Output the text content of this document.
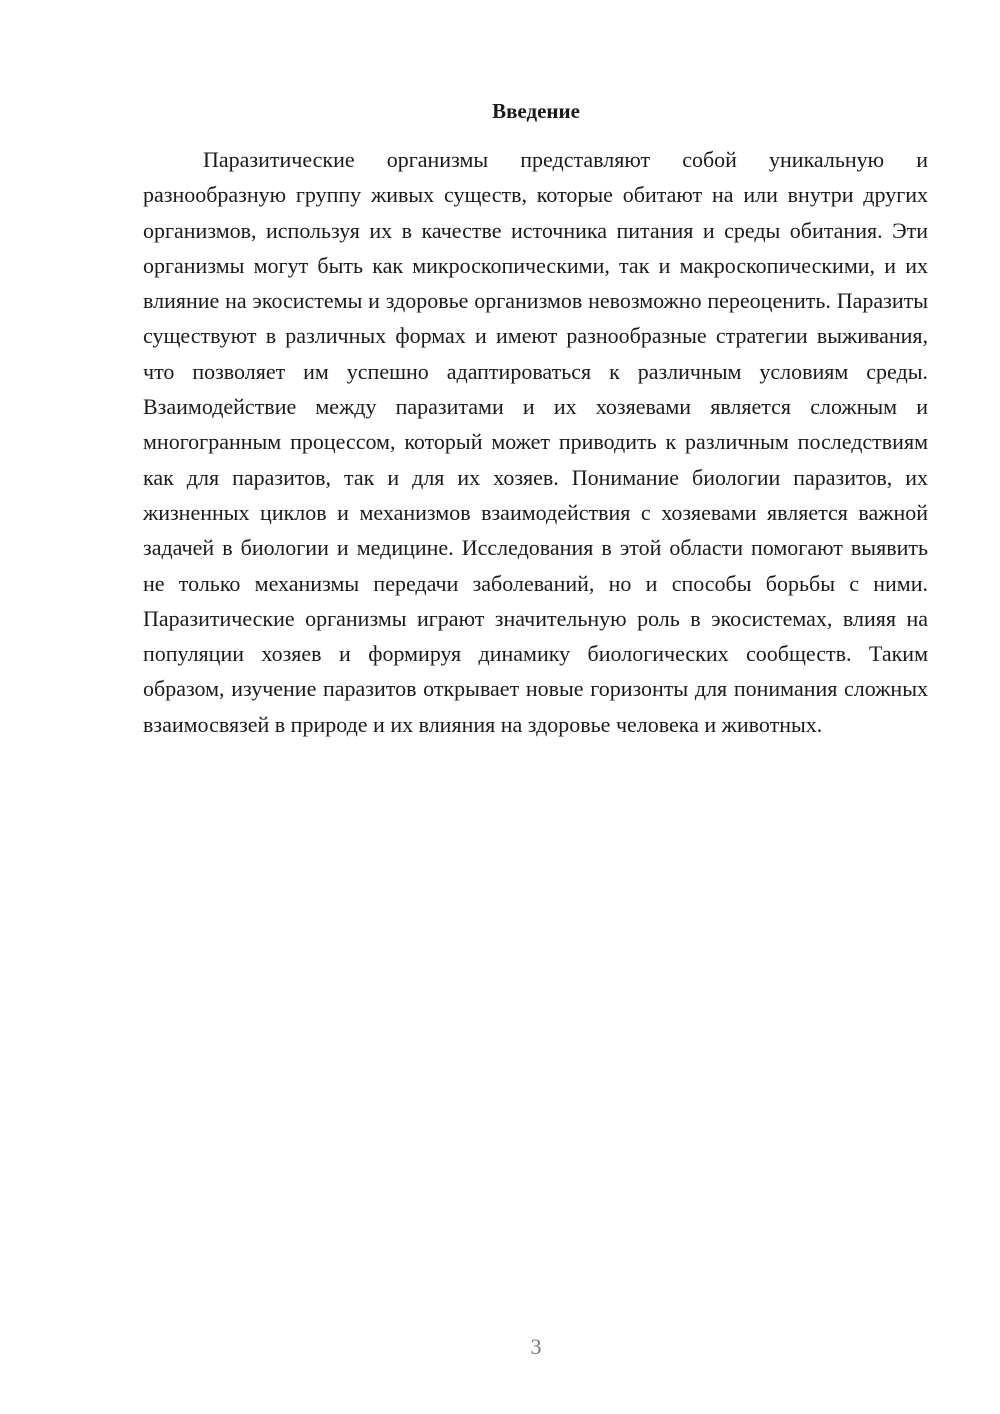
Введение

Паразитические организмы представляют собой уникальную и разнообразную группу живых существ, которые обитают на или внутри других организмов, используя их в качестве источника питания и среды обитания. Эти организмы могут быть как микроскопическими, так и макроскопическими, и их влияние на экосистемы и здоровье организмов невозможно переоценить. Паразиты существуют в различных формах и имеют разнообразные стратегии выживания, что позволяет им успешно адаптироваться к различным условиям среды. Взаимодействие между паразитами и их хозяевами является сложным и многогранным процессом, который может приводить к различным последствиям как для паразитов, так и для их хозяев. Понимание биологии паразитов, их жизненных циклов и механизмов взаимодействия с хозяевами является важной задачей в биологии и медицине. Исследования в этой области помогают выявить не только механизмы передачи заболеваний, но и способы борьбы с ними. Паразитические организмы играют значительную роль в экосистемах, влияя на популяции хозяев и формируя динамику биологических сообществ. Таким образом, изучение паразитов открывает новые горизонты для понимания сложных взаимосвязей в природе и их влияния на здоровье человека и животных.

3
